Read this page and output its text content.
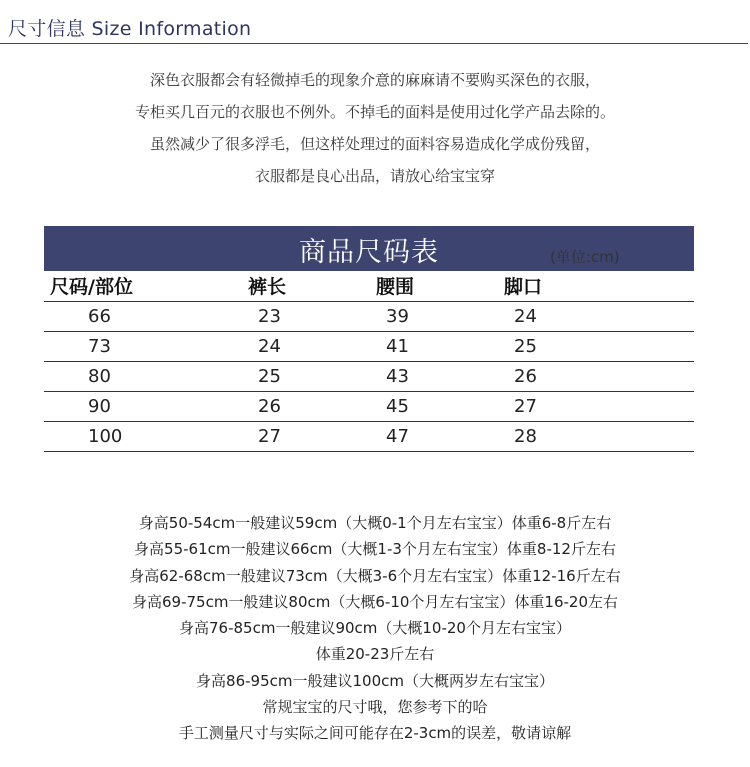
尺寸信息 Size Information

深色衣服都会有轻微掉毛的现象介意的麻麻请不要购买深色的衣服，

专柜买几百元的衣服也不例外。不掉毛的面料是使用过化学产品去除的。

虽然减少了很多浮毛，但这样处理过的面料容易造成化学成份残留，

衣服都是良心出品，请放心给宝宝穿

商品尺码表	(单位:cm)
尺码/部位	裤长	腰围	脚口
66	23	39	24
73	24	41	25
80	25	43	26
90	26	45	27
100	27	47	28

身高50-54cm一般建议59cm（大概0-1个月左右宝宝）体重6-8斤左右

身高55-61cm一般建议66cm（大概1-3个月左右宝宝）体重8-12斤左右

身高62-68cm一般建议73cm（大概3-6个月左右宝宝）体重12-16斤左右

身高69-75cm一般建议80cm（大概6-10个月左右宝宝）体重16-20左右

身高76-85cm一般建议90cm（大概10-20个月左右宝宝）

体重20-23斤左右

身高86-95cm一般建议100cm（大概两岁左右宝宝）

常规宝宝的尺寸哦，您参考下的哈

手工测量尺寸与实际之间可能存在2-3cm的误差，敬请谅解
